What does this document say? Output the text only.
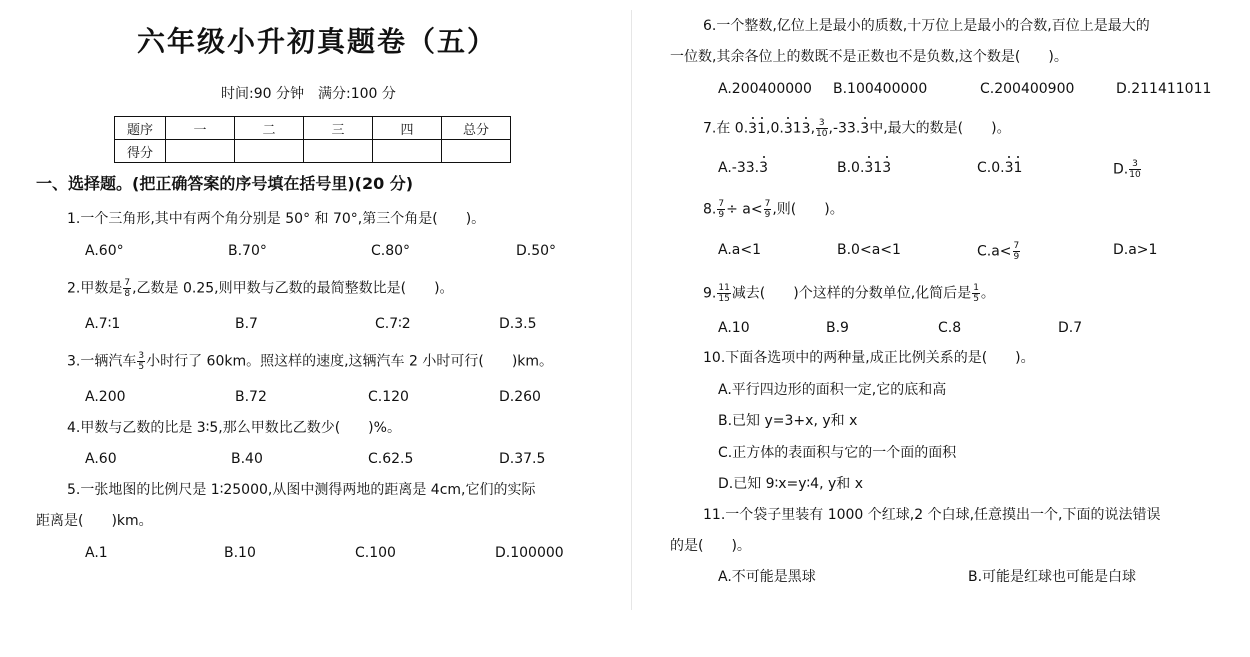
六年级小升初真题卷（五）
时间:90 分钟　满分:100 分
题序	一	二	三	四	总分
得分					
一、选择题。(把正确答案的序号填在括号里)(20 分)
1.一个三角形,其中有两个角分别是 50° 和 70°,第三个角是(　　)。
A.60°	B.70°	C.80°	D.50°
2.甲数是 $\frac{7}{8}$ ,乙数是 0.25,则甲数与乙数的最简整数比是(　　)。
A.7∶1	B.7	C.7∶2	D.3.5
3.一辆汽车 $\frac{3}{5}$ 小时行了 60km。照这样的速度,这辆汽车 2 小时可行(　　)km。
A.200	B.72	C.120	D.260
4.甲数与乙数的比是 3∶5,那么甲数比乙数少(　　)%。
A.60	B.40	C.62.5	D.37.5
5.一张地图的比例尺是 1∶25000,从图中测得两地的距离是 4cm,它们的实际
距离是(　　)km。
A.1	B.10	C.100	D.100000
6.一个整数,亿位上是最小的质数,十万位上是最小的合数,百位上是最大的
一位数,其余各位上的数既不是正数也不是负数,这个数是(　　)。
A.200400000 B.100400000	C.200400900	D.211411011
7.在 0.31,0.313, $\frac{3}{10} ,-33.3$中,最大的数是(　　)。
A.-33.3	B.0.313	C.0.31	D. $\frac{3}{10}$
8. $\frac{7}{9} \div a< \frac{7}{9}$ ,则(　　)。
A.a<1	B.0<a<1	$C.a< \frac{7}{9}$	D.a>1
9. $\frac{11}{15}$ 减去(　　)个这样的分数单位,化简后是 $\frac{1}{5}$ 。
A.10	B.9	C.8	D.7
10.下面各选项中的两种量,成正比例关系的是(　　)。
A.平行四边形的面积一定,它的底和高
B.已知 y=3+x, y和 x
C.正方体的表面积与它的一个面的面积
D.已知 9∶x=y∶4, y和 x
11.一个袋子里装有 1000 个红球,2 个白球,任意摸出一个,下面的说法错误
的是(　　)。
A.不可能是黑球	B.可能是红球也可能是白球
